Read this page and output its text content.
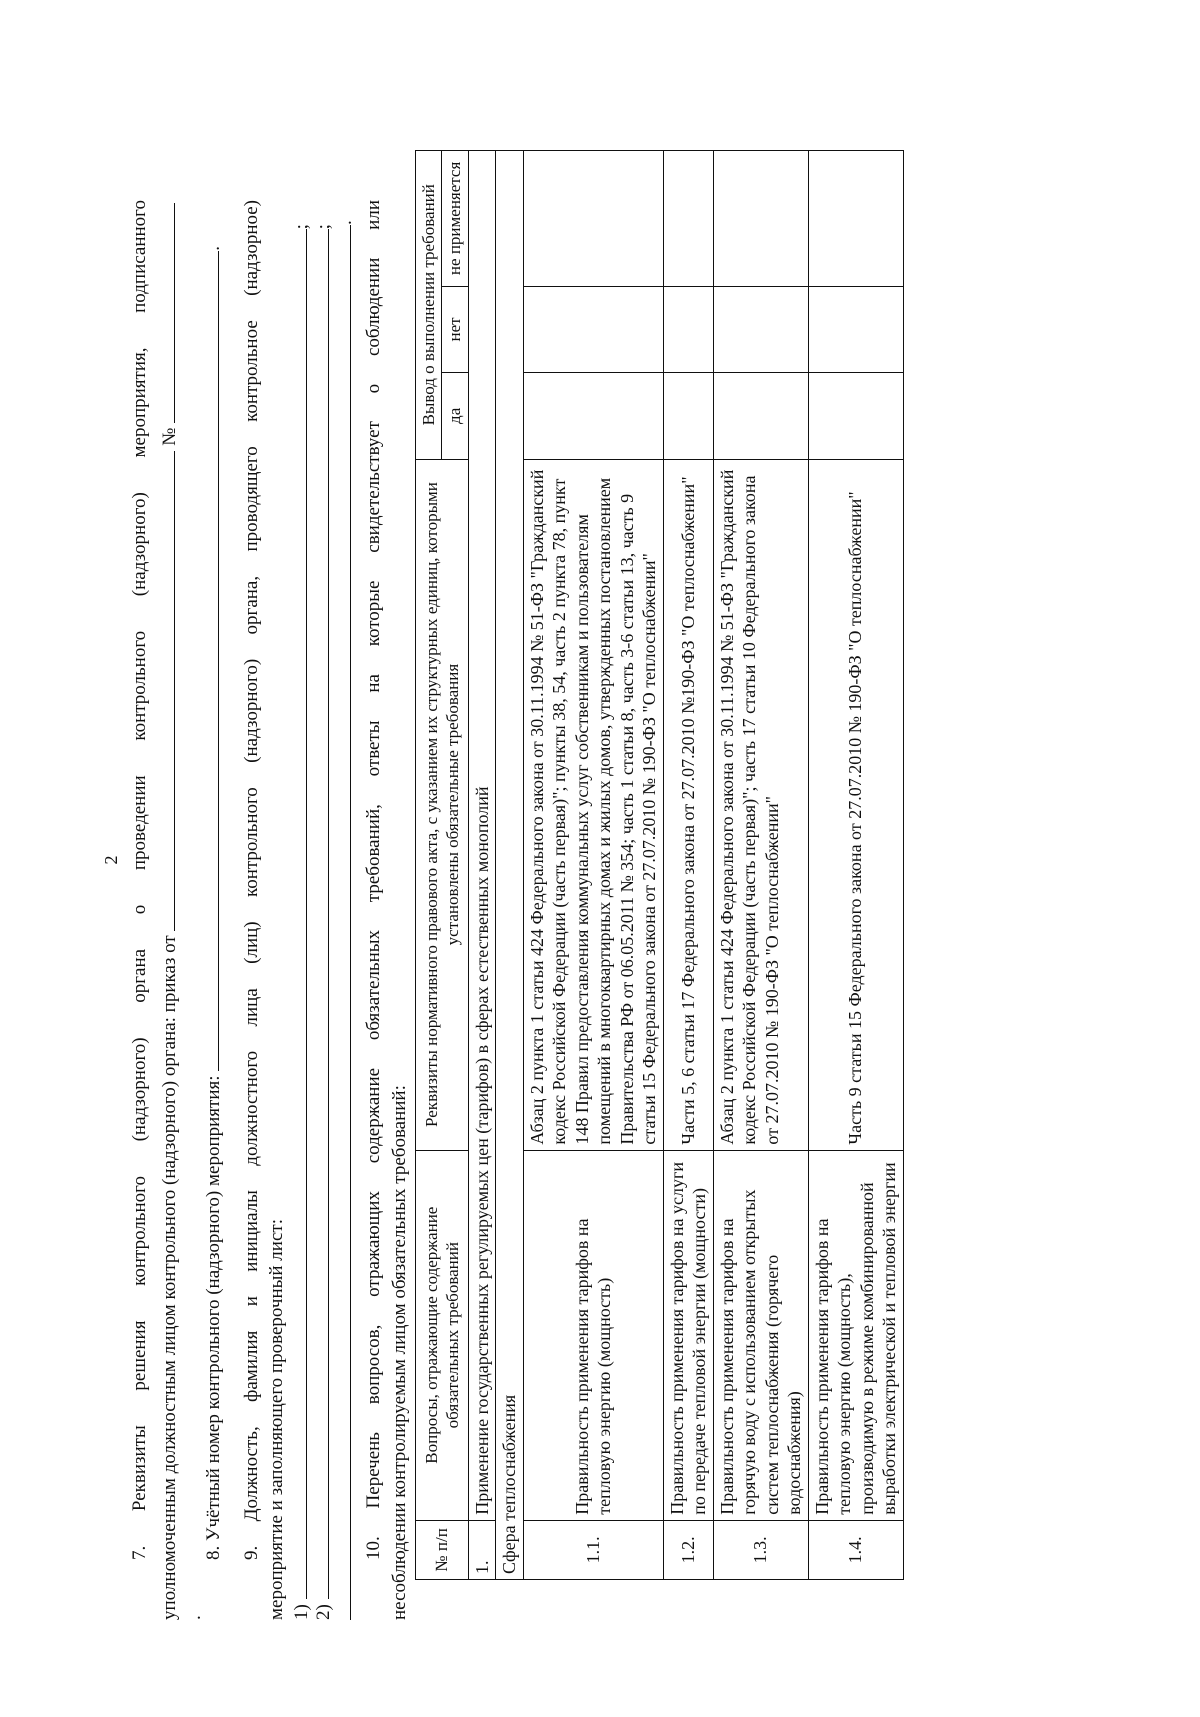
2 7. Реквизиты решения контрольного (надзорного) органа о проведении контрольного (надзорного) мероприятия, подписанного уполномоченным должностным лицом контрольного (надзорного) органа: приказ от  № .
8. Учётный номер контрольного (надзорного) мероприятия: . 9. Должность, фамилия и инициалы должностного лица (лиц) контрольного (надзорного) органа, проводящего контрольное (надзорное) мероприятие и заполняющего проверочный лист: 1) ;
2) ;
. 10. Перечень вопросов, отражающих содержание обязательных требований, ответы на которые свидетельствует о соблюдении или несоблюдении контролируемым лицом обязательных требований: № п/п	Вопросы, отражающие содержание обязательных требований	Реквизиты нормативного правового акта, с указанием их структурных единиц, которыми установлены обязательные требования	Вывод о выполнении требований		
			да	нет	не применяется
1.	Применение государственных регулируемых цен (тарифов) в сферах естественных монополий				
Сфера теплоснабжения					
1.1.	Правильность применения тарифов на тепловую энергию (мощность)	Абзац 2 пункта 1 статьи 424 Федерального закона от 30.11.1994 № 51-ФЗ "Гражданский кодекс Российской Федерации (часть первая)"; пункты 38, 54, часть 2 пункта 78, пункт 148 Правил предоставления коммунальных услуг собственникам и пользователям помещений в многоквартирных домах и жилых домов, утвержденных постановлением Правительства РФ от 06.05.2011 № 354; часть 1 статьи 8, часть 3-6 статьи 13, часть 9 статьи 15 Федерального закона от 27.07.2010 № 190-ФЗ "О теплоснабжении"			
1.2.	Правильность применения тарифов на услуги по передаче тепловой энергии (мощности)	Части 5, 6 статьи 17 Федерального закона от 27.07.2010 №190-ФЗ "О теплоснабжении"			
1.3.	Правильность применения тарифов на горячую воду с использованием открытых систем теплоснабжения (горячего водоснабжения)	Абзац 2 пункта 1 статьи 424 Федерального закона от 30.11.1994 № 51-ФЗ "Гражданский кодекс Российской Федерации (часть первая)"; часть 17 статьи 10 Федерального закона от 27.07.2010 № 190-ФЗ "О теплоснабжении"			
1.4.	Правильность применения тарифов на тепловую энергию (мощность), производимую в режиме комбинированной выработки электрической и тепловой энергии	Часть 9 статьи 15 Федерального закона от 27.07.2010 № 190-ФЗ "О теплоснабжении"			
